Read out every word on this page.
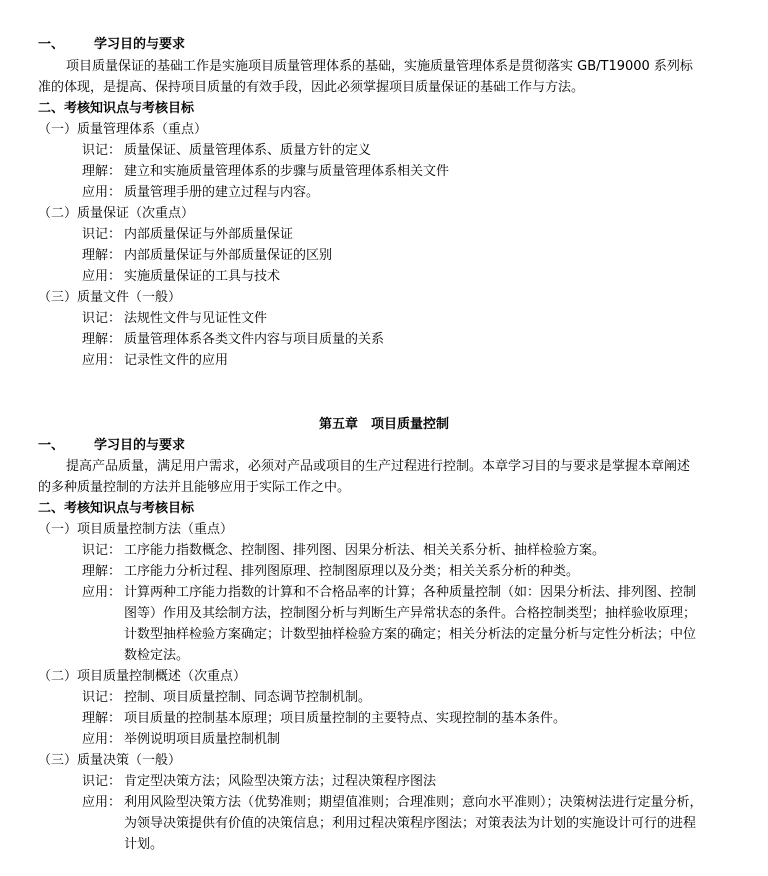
一、 学习目的与要求
项目质量保证的基础工作是实施项目质量管理体系的基础，实施质量管理体系是贯彻落实 GB/T19000 系列标
准的体现，是提高、保持项目质量的有效手段，因此必须掌握项目质量保证的基础工作与方法。
二、考核知识点与考核目标
（一）质量管理体系（重点）
识记： 质量保证、质量管理体系、质量方针的定义
理解： 建立和实施质量管理体系的步骤与质量管理体系相关文件
应用： 质量管理手册的建立过程与内容。
（二）质量保证（次重点）
识记： 内部质量保证与外部质量保证
理解： 内部质量保证与外部质量保证的区别
应用： 实施质量保证的工具与技术
（三）质量文件（一般）
识记： 法规性文件与见证性文件
理解： 质量管理体系各类文件内容与项目质量的关系
应用： 记录性文件的应用
第五章　项目质量控制
一、 学习目的与要求
提高产品质量，满足用户需求，必须对产品或项目的生产过程进行控制。本章学习目的与要求是掌握本章阐述
的多种质量控制的方法并且能够应用于实际工作之中。
二、考核知识点与考核目标
（一）项目质量控制方法（重点）
识记： 工序能力指数概念、控制图、排列图、因果分析法、相关关系分析、抽样检验方案。
理解： 工序能力分析过程、排列图原理、控制图原理以及分类；相关关系分析的种类。
应用： 计算两种工序能力指数的计算和不合格品率的计算；各种质量控制（如：因果分析法、排列图、控制
图等）作用及其绘制方法，控制图分析与判断生产异常状态的条件。合格控制类型；抽样验收原理；
计数型抽样检验方案确定；计数型抽样检验方案的确定；相关分析法的定量分析与定性分析法；中位
数检定法。
（二）项目质量控制概述（次重点）
识记： 控制、项目质量控制、同态调节控制机制。
理解： 项目质量的控制基本原理；项目质量控制的主要特点、实现控制的基本条件。
应用： 举例说明项目质量控制机制
（三）质量决策（一般）
识记： 肯定型决策方法；风险型决策方法；过程决策程序图法
应用： 利用风险型决策方法（优势准则；期望值准则；合理准则；意向水平准则）；决策树法进行定量分析，
为领导决策提供有价值的决策信息；利用过程决策程序图法；对策表法为计划的实施设计可行的进程
计划。
